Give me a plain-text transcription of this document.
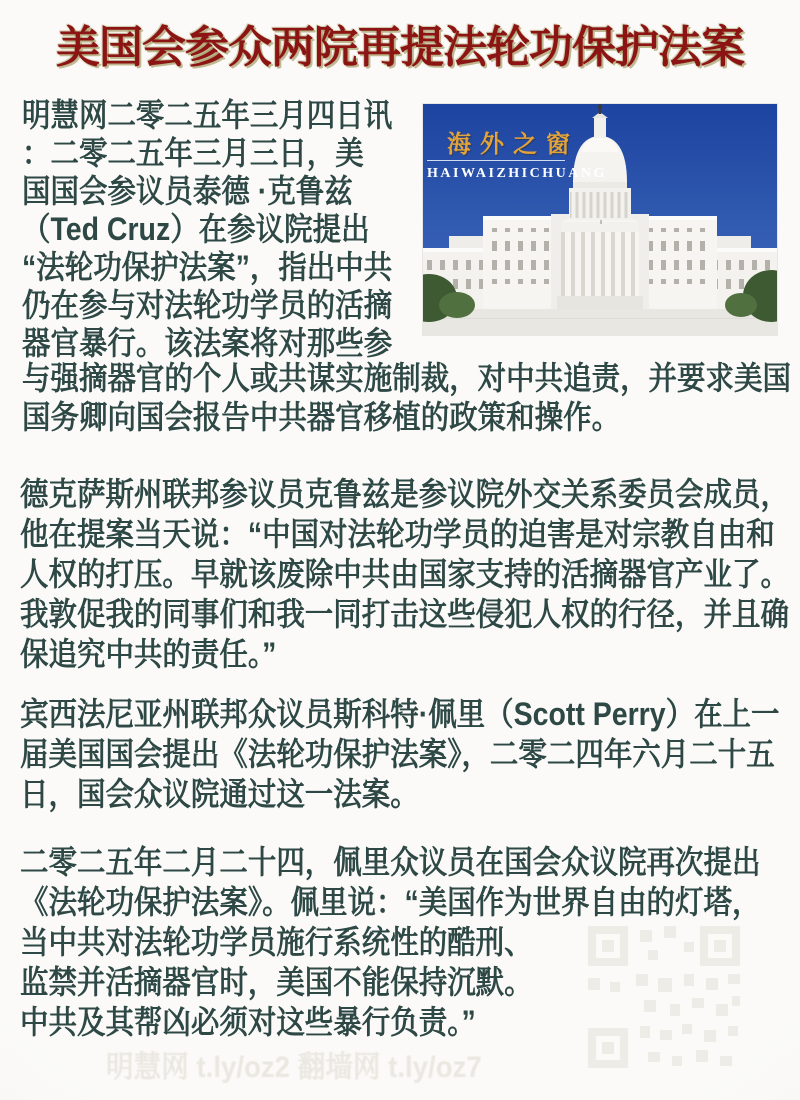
美国会参众两院再提法轮功保护法案
海外之窗
HAIWAIZHICHUANG
明慧网二零二五年三月四日讯
：二零二五年三月三日，美
国国会参议员泰德 ·克鲁兹
（Ted Cruz）在参议院提出
“法轮功保护法案”，指出中共
仍在参与对法轮功学员的活摘
器官暴行。该法案将对那些参
与强摘器官的个人或共谋实施制裁，对中共追责，并要求美国
国务卿向国会报告中共器官移植的政策和操作。
德克萨斯州联邦参议员克鲁兹是参议院外交关系委员会成员，
他在提案当天说：“中国对法轮功学员的迫害是对宗教自由和
人权的打压。早就该废除中共由国家支持的活摘器官产业了。
我敦促我的同事们和我一同打击这些侵犯人权的行径，并且确
保追究中共的责任。”
宾西法尼亚州联邦众议员斯科特·佩里（Scott Perry）在上一
届美国国会提出《法轮功保护法案》，二零二四年六月二十五
日，国会众议院通过这一法案。
二零二五年二月二十四，佩里众议员在国会众议院再次提出
《法轮功保护法案》。佩里说：“美国作为世界自由的灯塔，
当中共对法轮功学员施行系统性的酷刑、
监禁并活摘器官时，美国不能保持沉默。
中共及其帮凶必须对这些暴行负责。”
明慧网 t.ly/oz2 翻墙网 t.ly/oz7
